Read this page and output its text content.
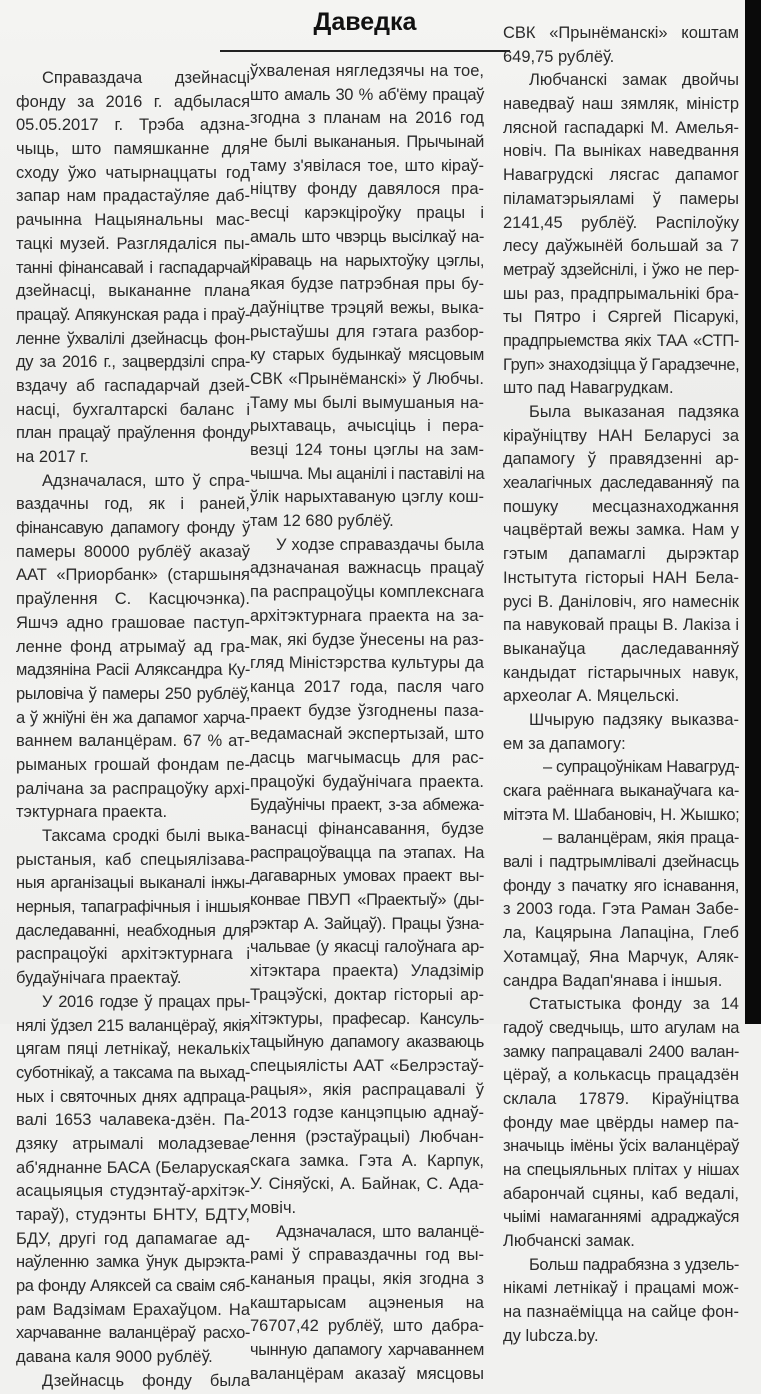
Даведка
Справаздача дзейнасці
фонду за 2016 г. адбылася
05.05.2017 г. Трэба адзна-
чыць, што памяшканне для
сходу ўжо чатырнаццаты год
запар нам прадастаўляе даб-
рачынна Нацыянальны мас-
тацкі музей. Разглядаліся пы-
танні фінансавай і гаспадарчай
дзейнасці, выкананне плана
працаў. Апякунская рада і праў-
ленне ўхвалілі дзейнасць фон-
ду за 2016 г., зацвердзілі спра-
вздачу аб гаспадарчай дзей-
насці, бухгалтарскі баланс і
план працаў праўлення фонду
на 2017 г.
Адзначалася, што ў спра-
ваздачны год, як і раней,
фінансавую дапамогу фонду ў
памеры 80000 рублёў аказаў
ААТ «Приорбанк» (старшыня
праўлення С. Касцючэнка).
Яшчэ адно грашовае паступ-
ленне фонд атрымаў ад гра-
мадзяніна Расіі Аляксандра Ку-
рыловіча ў памеры 250 рублёў,
а ў жніўні ён жа дапамог харча-
ваннем валанцёрам. 67 % ат-
рыманых грошай фондам пе-
ралічана за распрацоўку архі-
тэктурнага праекта.
Таксама сродкі былі выка-
рыстаныя, каб спецыялізава-
ныя арганізацыі выканалі інжы-
нерныя, тапаграфічныя і іншыя
даследаванні, неабходныя для
распрацоўкі архітэктурнага і
будаўнічага праектаў.
У 2016 годзе ў працах пры-
нялі ўдзел 215 валанцёраў, якія
цягам пяці летнікаў, некалькіх
суботнікаў, а таксама па выхад-
ных і святочных днях адпраца-
валі 1653 чалавека-дзён. Па-
дзяку атрымалі моладзевае
аб'яднанне БАСА (Беларуская
асацыяцыя студэнтаў-архітэк-
тараў), студэнты БНТУ, БДТУ,
БДУ, другі год дапамагае ад-
наўленню замка ўнук дырэкта-
ра фонду Аляксей са сваім сяб-
рам Вадзімам Ерахаўцом. На
харчаванне валанцёраў расхо-
давана каля 9000 рублёў.
Дзейнасць фонду была
ўхваленая нягледзячы на тое,
што амаль 30 % аб'ёму працаў
згодна з планам на 2016 год
не былі выкананыя. Прычынай
таму з'явілася тое, што кіраў-
ніцтву фонду давялося пра-
весці карэкціроўку працы і
амаль што чвэрць высілкаў на-
кіраваць на нарыхтоўку цэглы,
якая будзе патрэбная пры бу-
даўніцтве трэцяй вежы, выка-
рыстаўшы для гэтага разбор-
ку старых будынкаў мясцовым
СВК «Прынёманскі» ў Любчы.
Таму мы былі вымушаныя на-
рыхтаваць, ачысціць і пера-
везці 124 тоны цэглы на зам-
чышча. Мы ацанілі і паставілі на
ўлік нарыхтаваную цэглу кош-
там 12 680 рублёў.
У ходзе справаздачы была
адзначаная важнасць працаў
па распрацоўцы комплекснага
архітэктурнага праекта на за-
мак, які будзе ўнесены на раз-
гляд Міністэрства культуры да
канца 2017 года, пасля чаго
праект будзе ўзгоднены паза-
ведамаснай экспертызай, што
дасць магчымасць для рас-
працоўкі будаўнічага праекта.
Будаўнічы праект, з-за абмежа-
ванасці фінансавання, будзе
распрацоўвацца па этапах. На
дагаварных умовах праект вы-
конвае ПВУП «Праектыў» (ды-
рэктар А. Зайцаў). Працы ўзна-
чальвае (у якасці галоўнага ар-
хітэктара праекта) Уладзімір
Трацэўскі, доктар гісторыі ар-
хітэктуры, прафесар. Кансуль-
тацыйную дапамогу аказваюць
спецыялісты ААТ «Белрэстаў-
рацыя», якія распрацавалі ў
2013 годзе канцэпцыю аднаў-
лення (рэстаўрацыі) Любчан-
скага замка. Гэта А. Карпук,
У. Сіняўскі, А. Байнак, С. Ада-
мовіч.
Адзначалася, што валанцё-
рамі ў справаздачны год вы-
кананыя працы, якія згодна з
каштарысам ацэненыя на
76707,42 рублёў, што дабра-
чынную дапамогу харчаваннем
валанцёрам аказаў мясцовы
СВК «Прынёманскі» коштам
649,75 рублёў.
Любчанскі замак двойчы
наведваў наш зямляк, міністр
лясной гаспадаркі М. Амелья-
новіч. Па выніках наведвання
Навагрудскі лясгас дапамог
піламатэрыяламі ў памеры
2141,45 рублёў. Распілоўку
лесу даўжынёй большай за 7
метраў здзейснілі, і ўжо не пер-
шы раз, прадпрымальнікі бра-
ты Пятро і Сяргей Пісарукі,
прадпрыемства якіх ТАА «СТП-
Груп» знаходзіцца ў Гарадзечне,
што пад Навагрудкам.
Была выказаная падзяка
кіраўніцтву НАН Беларусі за
дапамогу ў правядзенні ар-
хеалагічных даследаванняў па
пошуку месцазнаходжання
чацвёртай вежы замка. Нам у
гэтым дапамаглі дырэктар
Інстытута гісторыі НАН Бела-
русі В. Даніловіч, яго намеснік
па навуковай працы В. Лакіза і
выканаўца даследаванняў
кандыдат гістарычных навук,
археолаг А. Мяцельскі.
Шчырую падзяку выказва-
ем за дапамогу:
– супрацоўнікам Навагруд-
скага раённага выканаўчага ка-
мітэта М. Шабановіч, Н. Жышко;
– валанцёрам, якія праца-
валі і падтрымлівалі дзейнасць
фонду з пачатку яго існавання,
з 2003 года. Гэта Раман Забе-
ла, Кацярына Лапаціна, Глеб
Хотамцаў, Яна Марчук, Аляк-
сандра Вадап'янава і іншыя.
Статыстыка фонду за 14
гадоў сведчыць, што агулам на
замку папрацавалі 2400 валан-
цёраў, а колькасць працадзён
склала 17879. Кіраўніцтва
фонду мае цвёрды намер па-
значыць імёны ўсіх валанцёраў
на спецыяльных плітах у нішах
абарончай сцяны, каб ведалі,
чыімі намаганнямі адраджаўся
Любчанскі замак.
Больш падрабязна з удзель-
нікамі летнікаў і працамі мож-
на пазнаёміцца на сайце фон-
ду lubcza.by.
